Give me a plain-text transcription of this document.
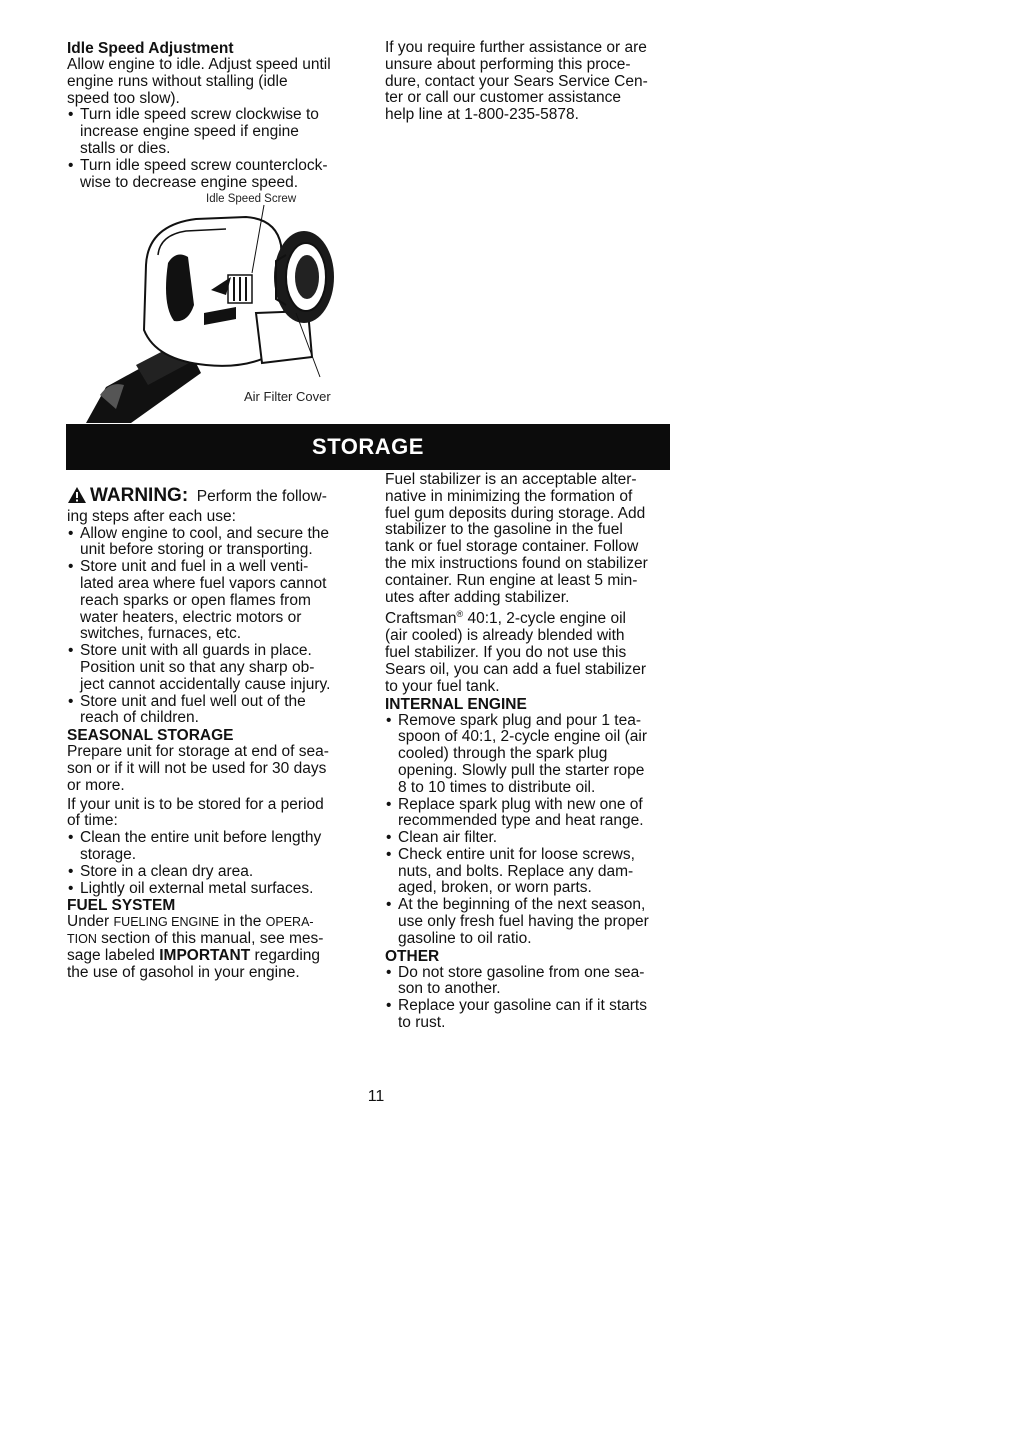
Idle Speed Adjustment

Allow engine to idle. Adjust speed until

engine runs without stalling (idle

speed too slow).

• Turn idle speed screw clockwise to
increase engine speed if engine
stalls or dies.
• Turn idle speed screw counterclock-
wise to decrease engine speed.
Idle Speed Screw
Air Filter Cover

If you require further assistance or are

unsure about performing this proce-

dure, contact your Sears Service Cen-

ter or call our customer assistance

help line at 1-800-235-5878.

STORAGE

WARNING: Perform the follow-

ing steps after each use:

• Allow engine to cool, and secure the
unit before storing or transporting.
• Store unit and fuel in a well venti-
lated area where fuel vapors cannot
reach sparks or open flames from
water heaters, electric motors or
switches, furnaces, etc.
• Store unit with all guards in place.
Position unit so that any sharp ob-
ject cannot accidentally cause injury.
• Store unit and fuel well out of the
reach of children.

SEASONAL STORAGE

Prepare unit for storage at end of sea-

son or if it will not be used for 30 days

or more.

If your unit is to be stored for a period

of time:

• Clean the entire unit before lengthy
storage.
• Store in a clean dry area.
• Lightly oil external metal surfaces.

FUEL SYSTEM

Under FUELING ENGINE in the OPERA-

TION section of this manual, see mes-

sage labeled IMPORTANT regarding

the use of gasohol in your engine.

Fuel stabilizer is an acceptable alter-

native in minimizing the formation of

fuel gum deposits during storage. Add

stabilizer to the gasoline in the fuel

tank or fuel storage container. Follow

the mix instructions found on stabilizer

container. Run engine at least 5 min-

utes after adding stabilizer.

Craftsman® 40:1, 2-cycle engine oil

(air cooled) is already blended with

fuel stabilizer. If you do not use this

Sears oil, you can add a fuel stabilizer

to your fuel tank.

INTERNAL ENGINE

• Remove spark plug and pour 1 tea-
spoon of 40:1, 2-cycle engine oil (air
cooled) through the spark plug
opening. Slowly pull the starter rope
8 to 10 times to distribute oil.
• Replace spark plug with new one of
recommended type and heat range.
• Clean air filter.
• Check entire unit for loose screws,
nuts, and bolts. Replace any dam-
aged, broken, or worn parts.
• At the beginning of the next season,
use only fresh fuel having the proper
gasoline to oil ratio.

OTHER

• Do not store gasoline from one sea-
son to another.
• Replace your gasoline can if it starts
to rust.
11
